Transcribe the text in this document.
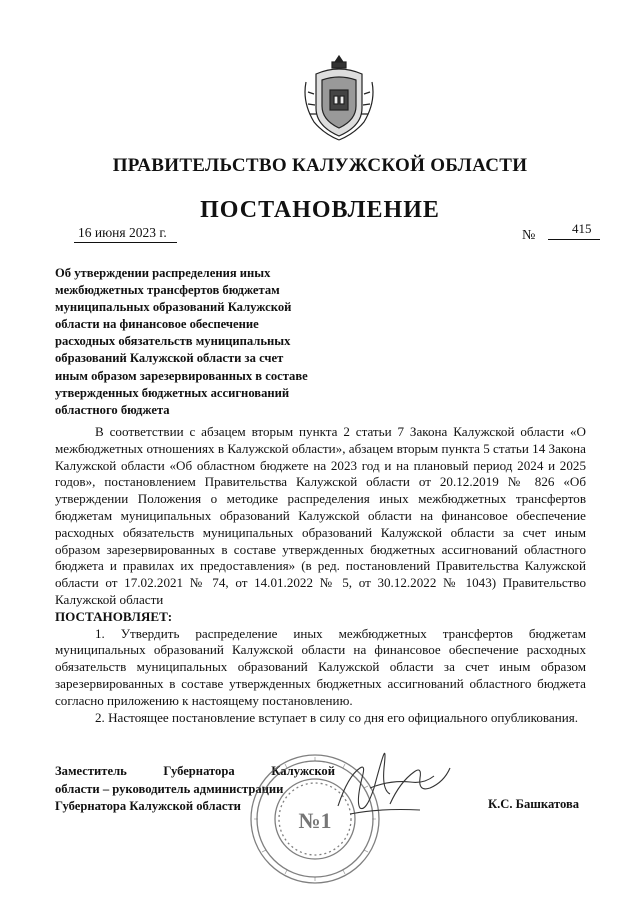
ПРАВИТЕЛЬСТВО КАЛУЖСКОЙ ОБЛАСТИ
ПОСТАНОВЛЕНИЕ
16 июня 2023 г.	№	415
Об утверждении распределения иных
межбюджетных трансфертов бюджетам
муниципальных образований Калужской
области на финансовое обеспечение
расходных обязательств муниципальных
образований Калужской области за счет
иным образом зарезервированных в составе
утвержденных бюджетных ассигнований
областного бюджета
В соответствии с абзацем вторым пункта 2 статьи 7 Закона Калужской области «О межбюджетных отношениях в Калужской области», абзацем вторым пункта 5 статьи 14 Закона Калужской области «Об областном бюджете на 2023 год и на плановый период 2024 и 2025 годов», постановлением Правительства Калужской области от 20.12.2019 № 826 «Об утверждении Положения о методике распределения иных межбюджетных трансфертов бюджетам муниципальных образований Калужской области на финансовое обеспечение расходных обязательств муниципальных образований Калужской области за счет иным образом зарезервированных в составе утвержденных бюджетных ассигнований областного бюджета и правилах их предоставления» (в ред. постановлений Правительства Калужской области от 17.02.2021 № 74, от 14.01.2022 № 5, от 30.12.2022 № 1043) Правительство Калужской области
ПОСТАНОВЛЯЕТ:
1. Утвердить распределение иных межбюджетных трансфертов бюджетам муниципальных образований Калужской области на финансовое обеспечение расходных обязательств муниципальных образований Калужской области за счет иным образом зарезервированных в составе утвержденных бюджетных ассигнований областного бюджета согласно приложению к настоящему постановлению.
2. Настоящее постановление вступает в силу со дня его официального опубликования.
Заместитель	Губернатора	Калужской
области – руководитель администрации
Губернатора Калужской области	К.С. Башкатова
№1
